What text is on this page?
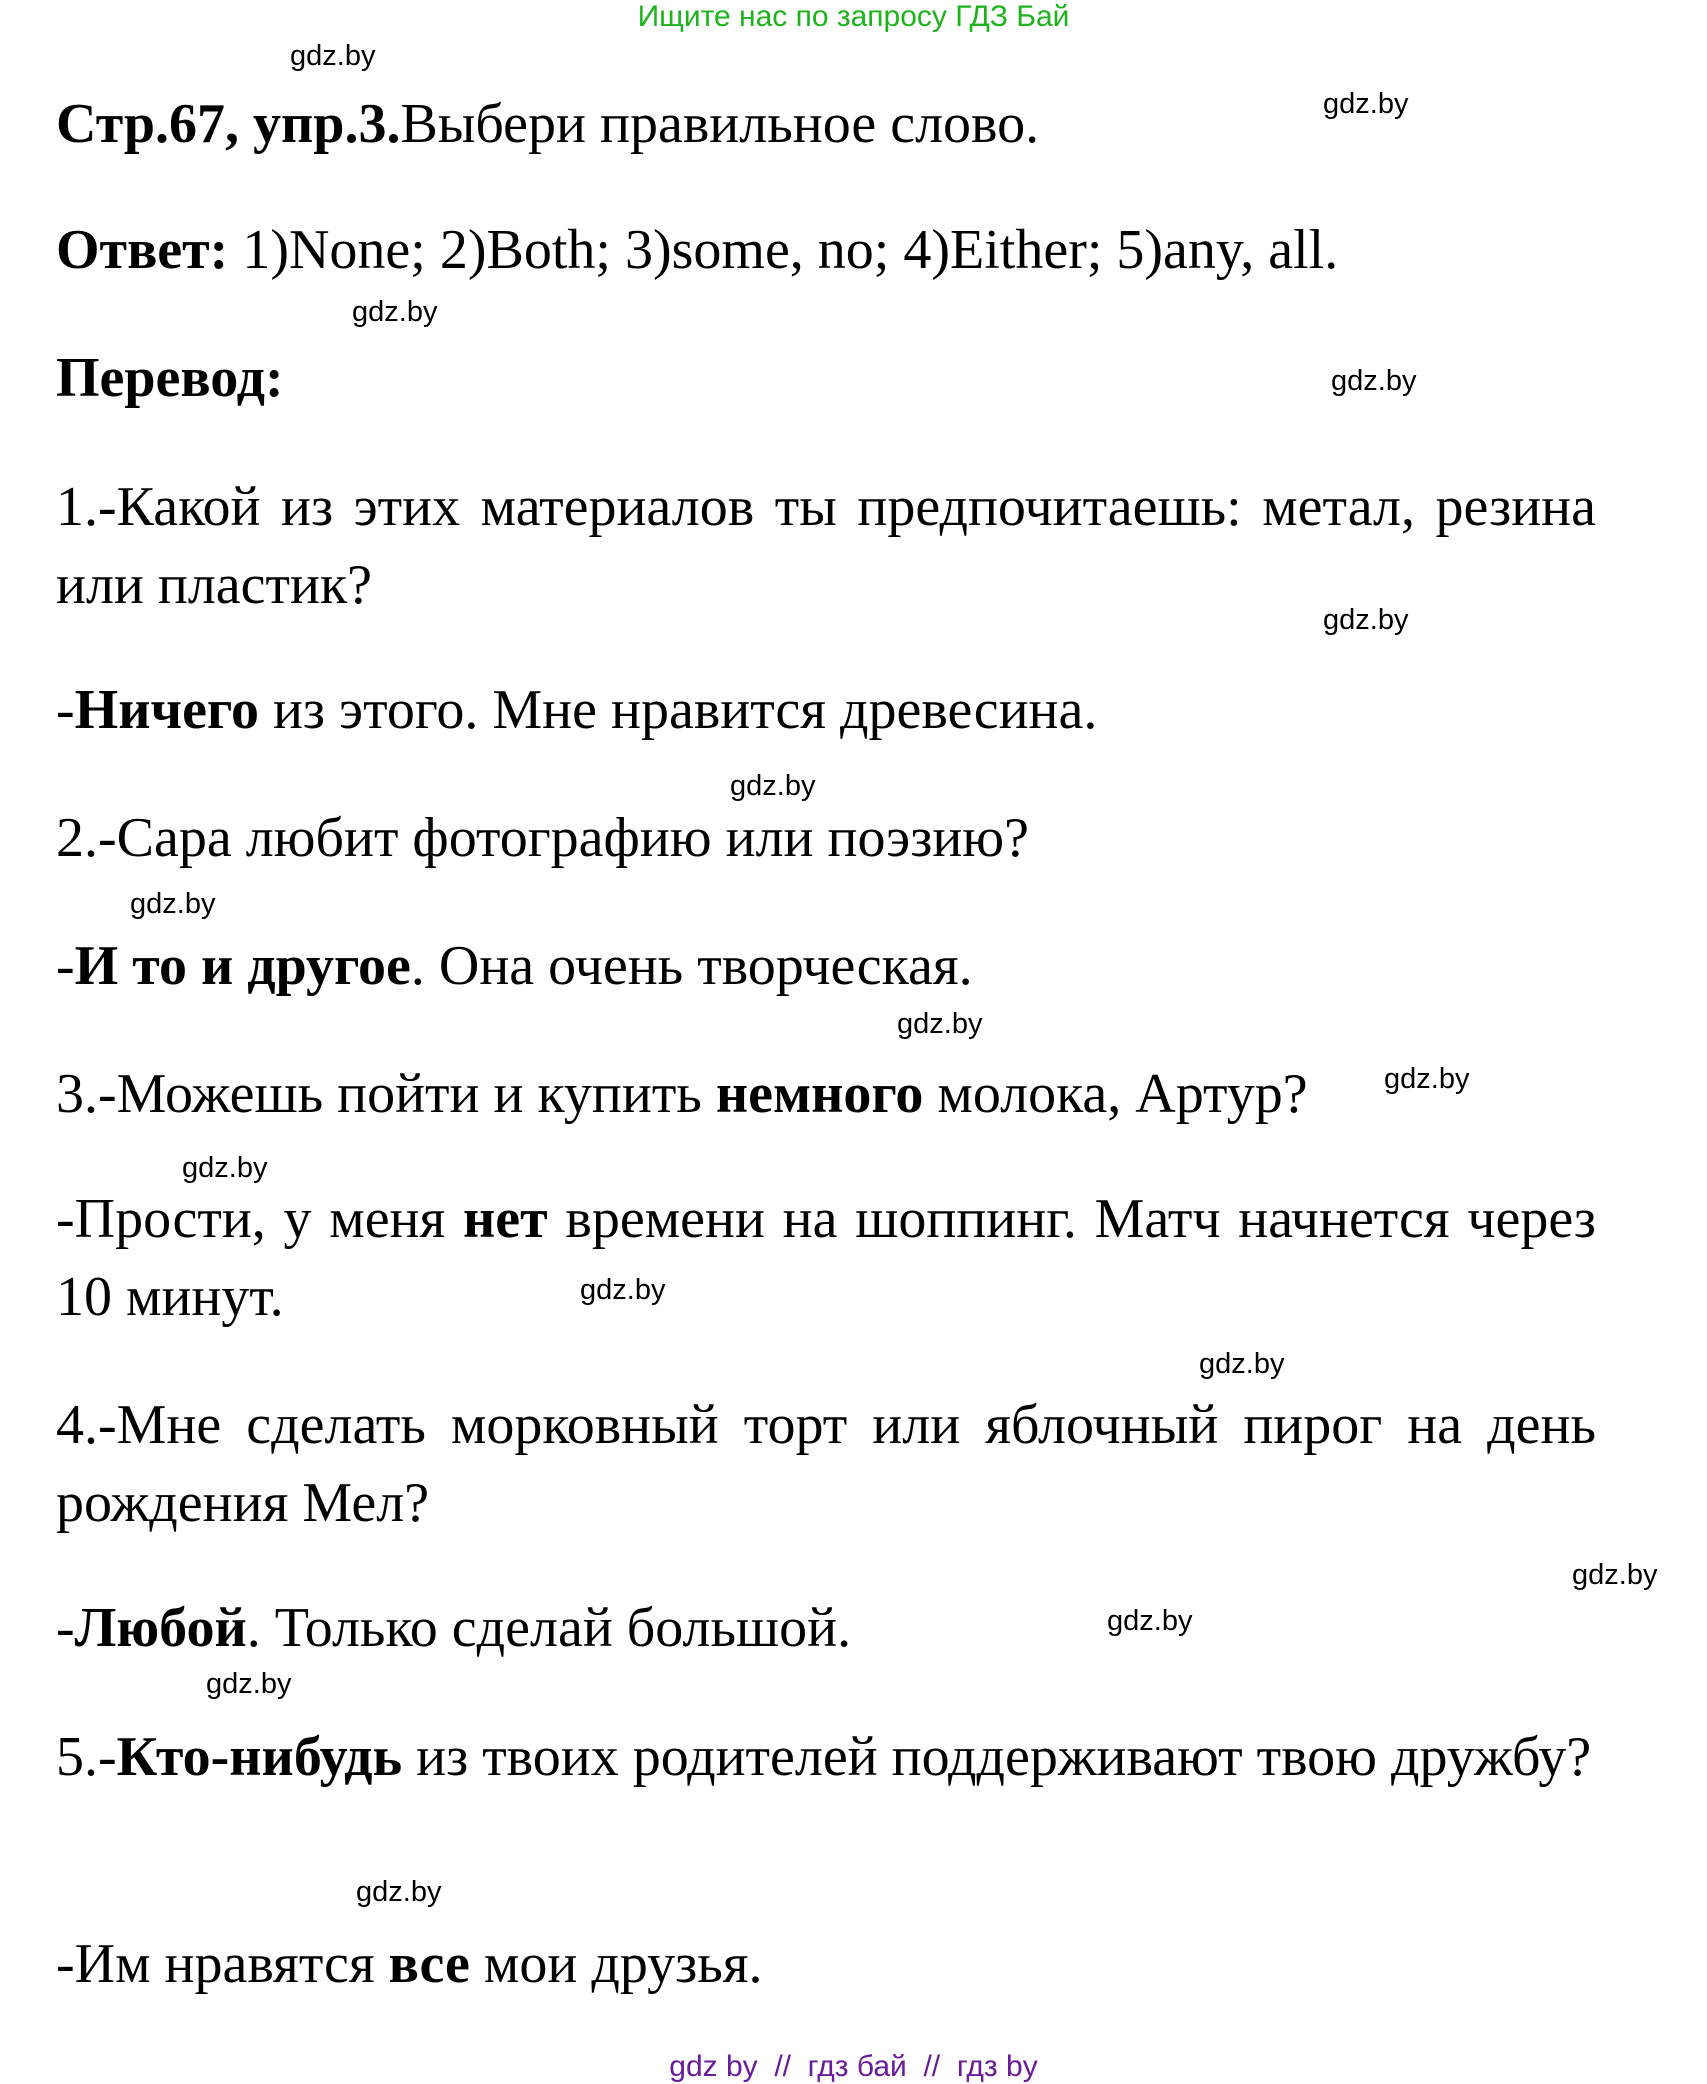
Ищите нас по запросу ГДЗ Бай
gdz.by
gdz.by
gdz.by
gdz.by
gdz.by
gdz.by
gdz.by
gdz.by
gdz.by
gdz.by
gdz.by
gdz.by
gdz.by
gdz.by
gdz.by
gdz.by
Стр.67, упр.3.Выбери правильное слово.
Ответ: 1)None; 2)Both; 3)some, no; 4)Either; 5)any, all.
Перевод:
1.-Какой из этих материалов ты предпочитаешь: метал, резина или пластик?
-Ничего из этого. Мне нравится древесина.
2.-Сара любит фотографию или поэзию?
-И то и другое. Она очень творческая.
3.-Можешь пойти и купить немного молока, Артур?
-Прости, у меня нет времени на шоппинг. Матч начнется через 10 минут.
4.-Мне сделать морковный торт или яблочный пирог на день рождения Мел?
-Любой. Только сделай большой.
5.-Кто-нибудь из твоих родителей поддерживают твою дружбу?
-Им нравятся все мои друзья.
gdz by  //  гдз бай  //  гдз by
